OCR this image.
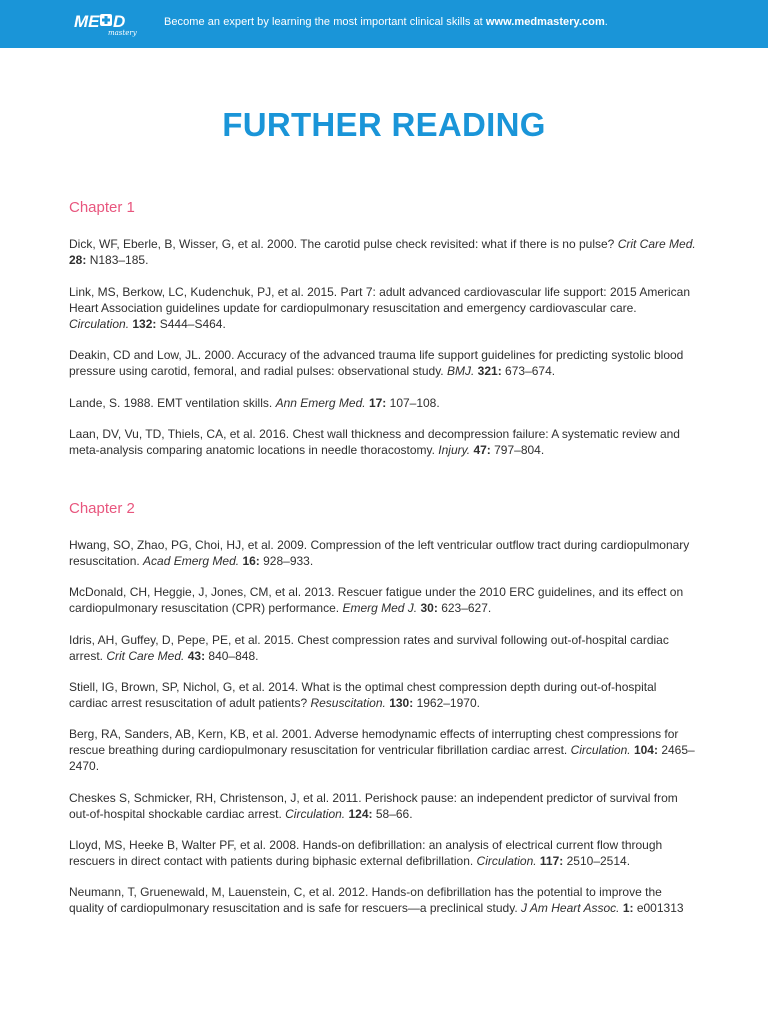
ME D
mastery
Become an expert by learning the most important clinical skills at www.medmastery.com.
FURTHER READING
Chapter 1
Dick, WF, Eberle, B, Wisser, G, et al. 2000. The carotid pulse check revisited: what if there is no pulse? Crit Care Med. 28: N183–185.
Link, MS, Berkow, LC, Kudenchuk, PJ, et al. 2015. Part 7: adult advanced cardiovascular life support: 2015 American Heart Association guidelines update for cardiopulmonary resuscitation and emergency cardiovascular care. Circulation. 132: S444–S464.
Deakin, CD and Low, JL. 2000. Accuracy of the advanced trauma life support guidelines for predicting systolic blood pressure using carotid, femoral, and radial pulses: observational study. BMJ. 321: 673–674.
Lande, S. 1988. EMT ventilation skills. Ann Emerg Med. 17: 107–108.
Laan, DV, Vu, TD, Thiels, CA, et al. 2016. Chest wall thickness and decompression failure: A systematic review and meta-analysis comparing anatomic locations in needle thoracostomy. Injury. 47: 797–804.
Chapter 2
Hwang, SO, Zhao, PG, Choi, HJ, et al. 2009. Compression of the left ventricular outflow tract during cardiopulmonary resuscitation. Acad Emerg Med. 16: 928–933.
McDonald, CH, Heggie, J, Jones, CM, et al. 2013. Rescuer fatigue under the 2010 ERC guidelines, and its effect on cardiopulmonary resuscitation (CPR) performance. Emerg Med J. 30: 623–627.
Idris, AH, Guffey, D, Pepe, PE, et al. 2015. Chest compression rates and survival following out-of-hospital cardiac arrest. Crit Care Med. 43: 840–848.
Stiell, IG, Brown, SP, Nichol, G, et al. 2014. What is the optimal chest compression depth during out-of-hospital cardiac arrest resuscitation of adult patients? Resuscitation. 130: 1962–1970.
Berg, RA, Sanders, AB, Kern, KB, et al. 2001. Adverse hemodynamic effects of interrupting chest compressions for rescue breathing during cardiopulmonary resuscitation for ventricular fibrillation cardiac arrest. Circulation. 104: 2465–2470.
Cheskes S, Schmicker, RH, Christenson, J, et al. 2011. Perishock pause: an independent predictor of survival from out-of-hospital shockable cardiac arrest. Circulation. 124: 58–66.
Lloyd, MS, Heeke B, Walter PF, et al. 2008. Hands-on defibrillation: an analysis of electrical current flow through rescuers in direct contact with patients during biphasic external defibrillation. Circulation. 117: 2510–2514.
Neumann, T, Gruenewald, M, Lauenstein, C, et al. 2012. Hands-on defibrillation has the potential to improve the quality of cardiopulmonary resuscitation and is safe for rescuers—a preclinical study. J Am Heart Assoc. 1: e001313
